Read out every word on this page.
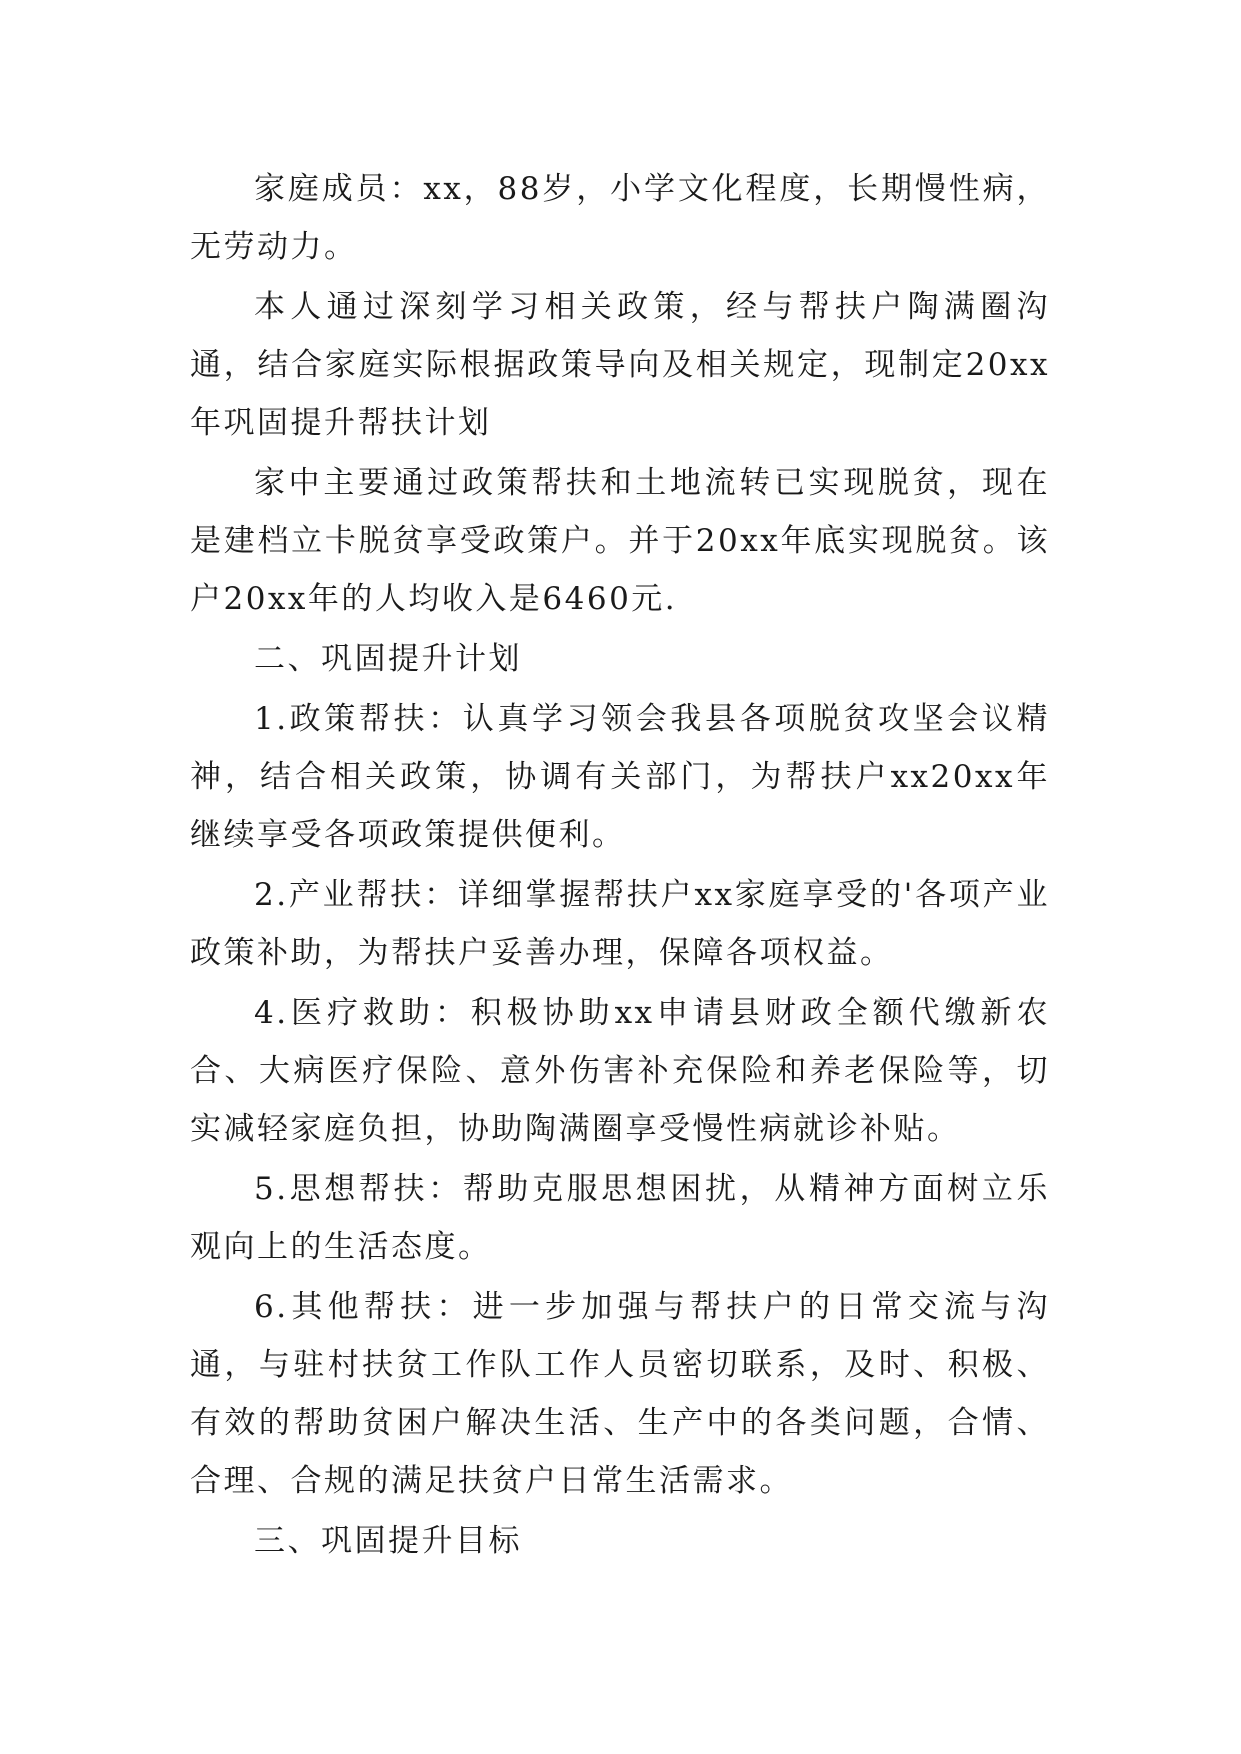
家庭成员：xx，88岁，小学文化程度，长期慢性病，无劳动力。

本人通过深刻学习相关政策，经与帮扶户陶满圈沟通，结合家庭实际根据政策导向及相关规定，现制定20xx年巩固提升帮扶计划

家中主要通过政策帮扶和土地流转已实现脱贫，现在是建档立卡脱贫享受政策户。并于20xx年底实现脱贫。该户20xx年的人均收入是6460元.

二、巩固提升计划

1.政策帮扶：认真学习领会我县各项脱贫攻坚会议精神，结合相关政策，协调有关部门，为帮扶户xx20xx年继续享受各项政策提供便利。

2.产业帮扶：详细掌握帮扶户xx家庭享受的'各项产业政策补助，为帮扶户妥善办理，保障各项权益。

4.医疗救助：积极协助xx申请县财政全额代缴新农合、大病医疗保险、意外伤害补充保险和养老保险等，切实减轻家庭负担，协助陶满圈享受慢性病就诊补贴。

5.思想帮扶：帮助克服思想困扰，从精神方面树立乐观向上的生活态度。

6.其他帮扶：进一步加强与帮扶户的日常交流与沟通，与驻村扶贫工作队工作人员密切联系，及时、积极、有效的帮助贫困户解决生活、生产中的各类问题，合情、合理、合规的满足扶贫户日常生活需求。

三、巩固提升目标
